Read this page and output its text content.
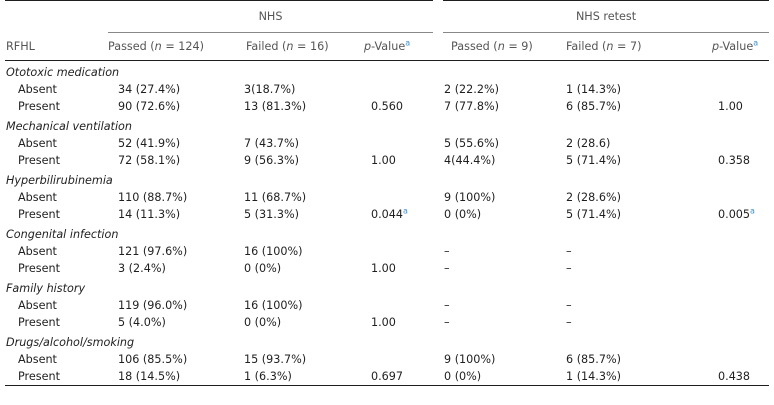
	NHS			NHS retest		
RFHL	Passed (n = 124)	Failed (n = 16)	p-Value$^a$	Passed (n = 9)	Failed (n = 7)	p-Value$^a$
Ototoxic medication						
Absent	34 (27.4%)	3(18.7%)		2 (22.2%)	1 (14.3%)	
Present	90 (72.6%)	13 (81.3%)	0.560	7 (77.8%)	6 (85.7%)	1.00
Mechanical ventilation						
Absent	52 (41.9%)	7 (43.7%)		5 (55.6%)	2 (28.6)	
Present	72 (58.1%)	9 (56.3%)	1.00	4(44.4%)	5 (71.4%)	0.358
Hyperbilirubinemia						
Absent	110 (88.7%)	11 (68.7%)		9 (100%)	2 (28.6%)	
Present	14 (11.3%)	5 (31.3%)	0.044$^a$	0 (0%)	5 (71.4%)	0.005$^a$
Congenital infection						
Absent	121 (97.6%)	16 (100%)		–	–	
Present	3 (2.4%)	0 (0%)	1.00	–	–	
Family history						
Absent	119 (96.0%)	16 (100%)		–	–	
Present	5 (4.0%)	0 (0%)	1.00	–	–	
Drugs/alcohol/smoking						
Absent	106 (85.5%)	15 (93.7%)		9 (100%)	6 (85.7%)	
Present	18 (14.5%)	1 (6.3%)	0.697	0 (0%)	1 (14.3%)	0.438
